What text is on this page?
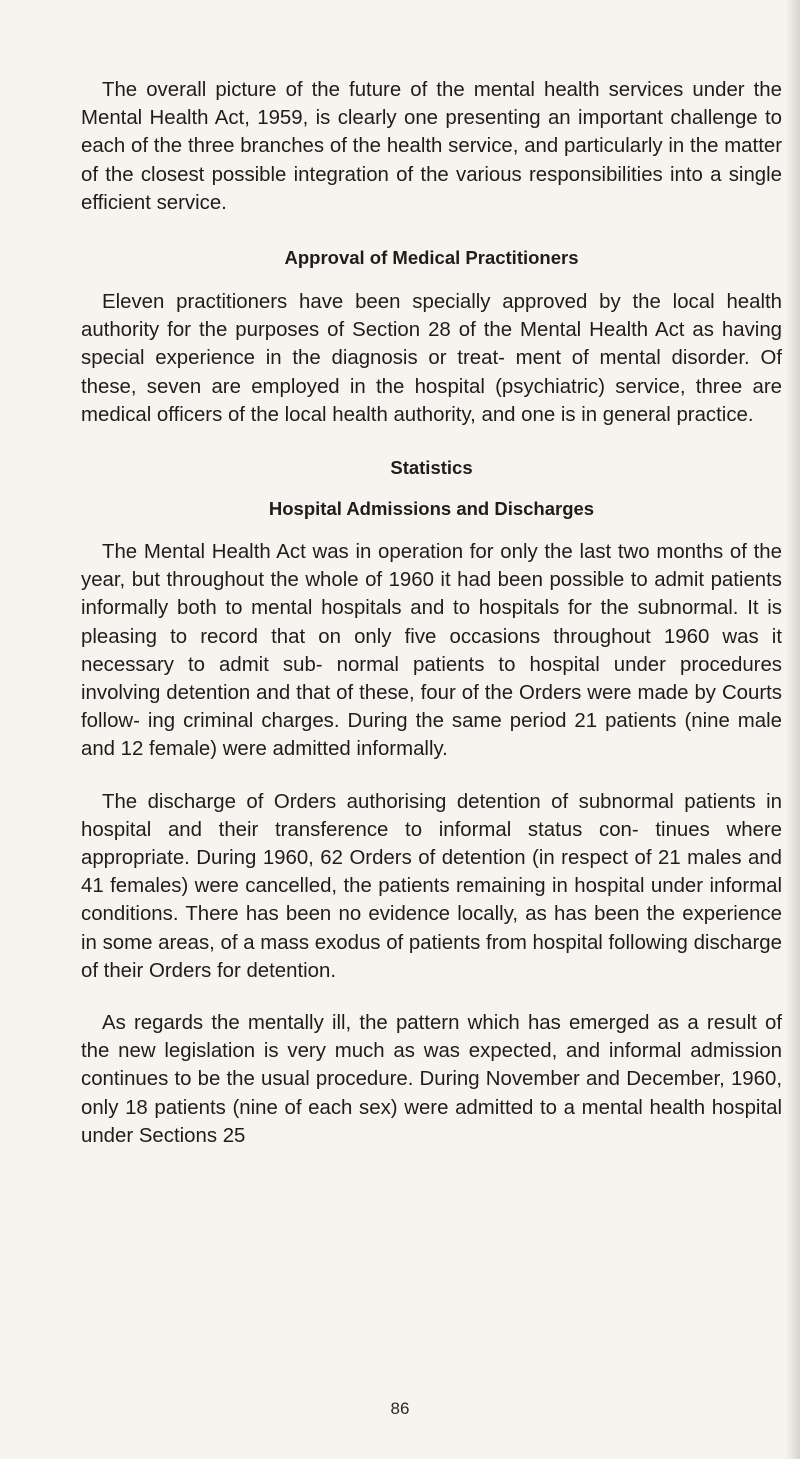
The overall picture of the future of the mental health services under the Mental Health Act, 1959, is clearly one presenting an important challenge to each of the three branches of the health service, and particularly in the matter of the closest possible integration of the various responsibilities into a single efficient service.

Approval of Medical Practitioners

Eleven practitioners have been specially approved by the local health authority for the purposes of Section 28 of the Mental Health Act as having special experience in the diagnosis or treat- ment of mental disorder. Of these, seven are employed in the hospital (psychiatric) service, three are medical officers of the local health authority, and one is in general practice.

Statistics
Hospital Admissions and Discharges

The Mental Health Act was in operation for only the last two months of the year, but throughout the whole of 1960 it had been possible to admit patients informally both to mental hospitals and to hospitals for the subnormal. It is pleasing to record that on only five occasions throughout 1960 was it necessary to admit sub- normal patients to hospital under procedures involving detention and that of these, four of the Orders were made by Courts follow- ing criminal charges. During the same period 21 patients (nine male and 12 female) were admitted informally.

The discharge of Orders authorising detention of subnormal patients in hospital and their transference to informal status con- tinues where appropriate. During 1960, 62 Orders of detention (in respect of 21 males and 41 females) were cancelled, the patients remaining in hospital under informal conditions. There has been no evidence locally, as has been the experience in some areas, of a mass exodus of patients from hospital following discharge of their Orders for detention.

As regards the mentally ill, the pattern which has emerged as a result of the new legislation is very much as was expected, and informal admission continues to be the usual procedure. During November and December, 1960, only 18 patients (nine of each sex) were admitted to a mental health hospital under Sections 25

86
